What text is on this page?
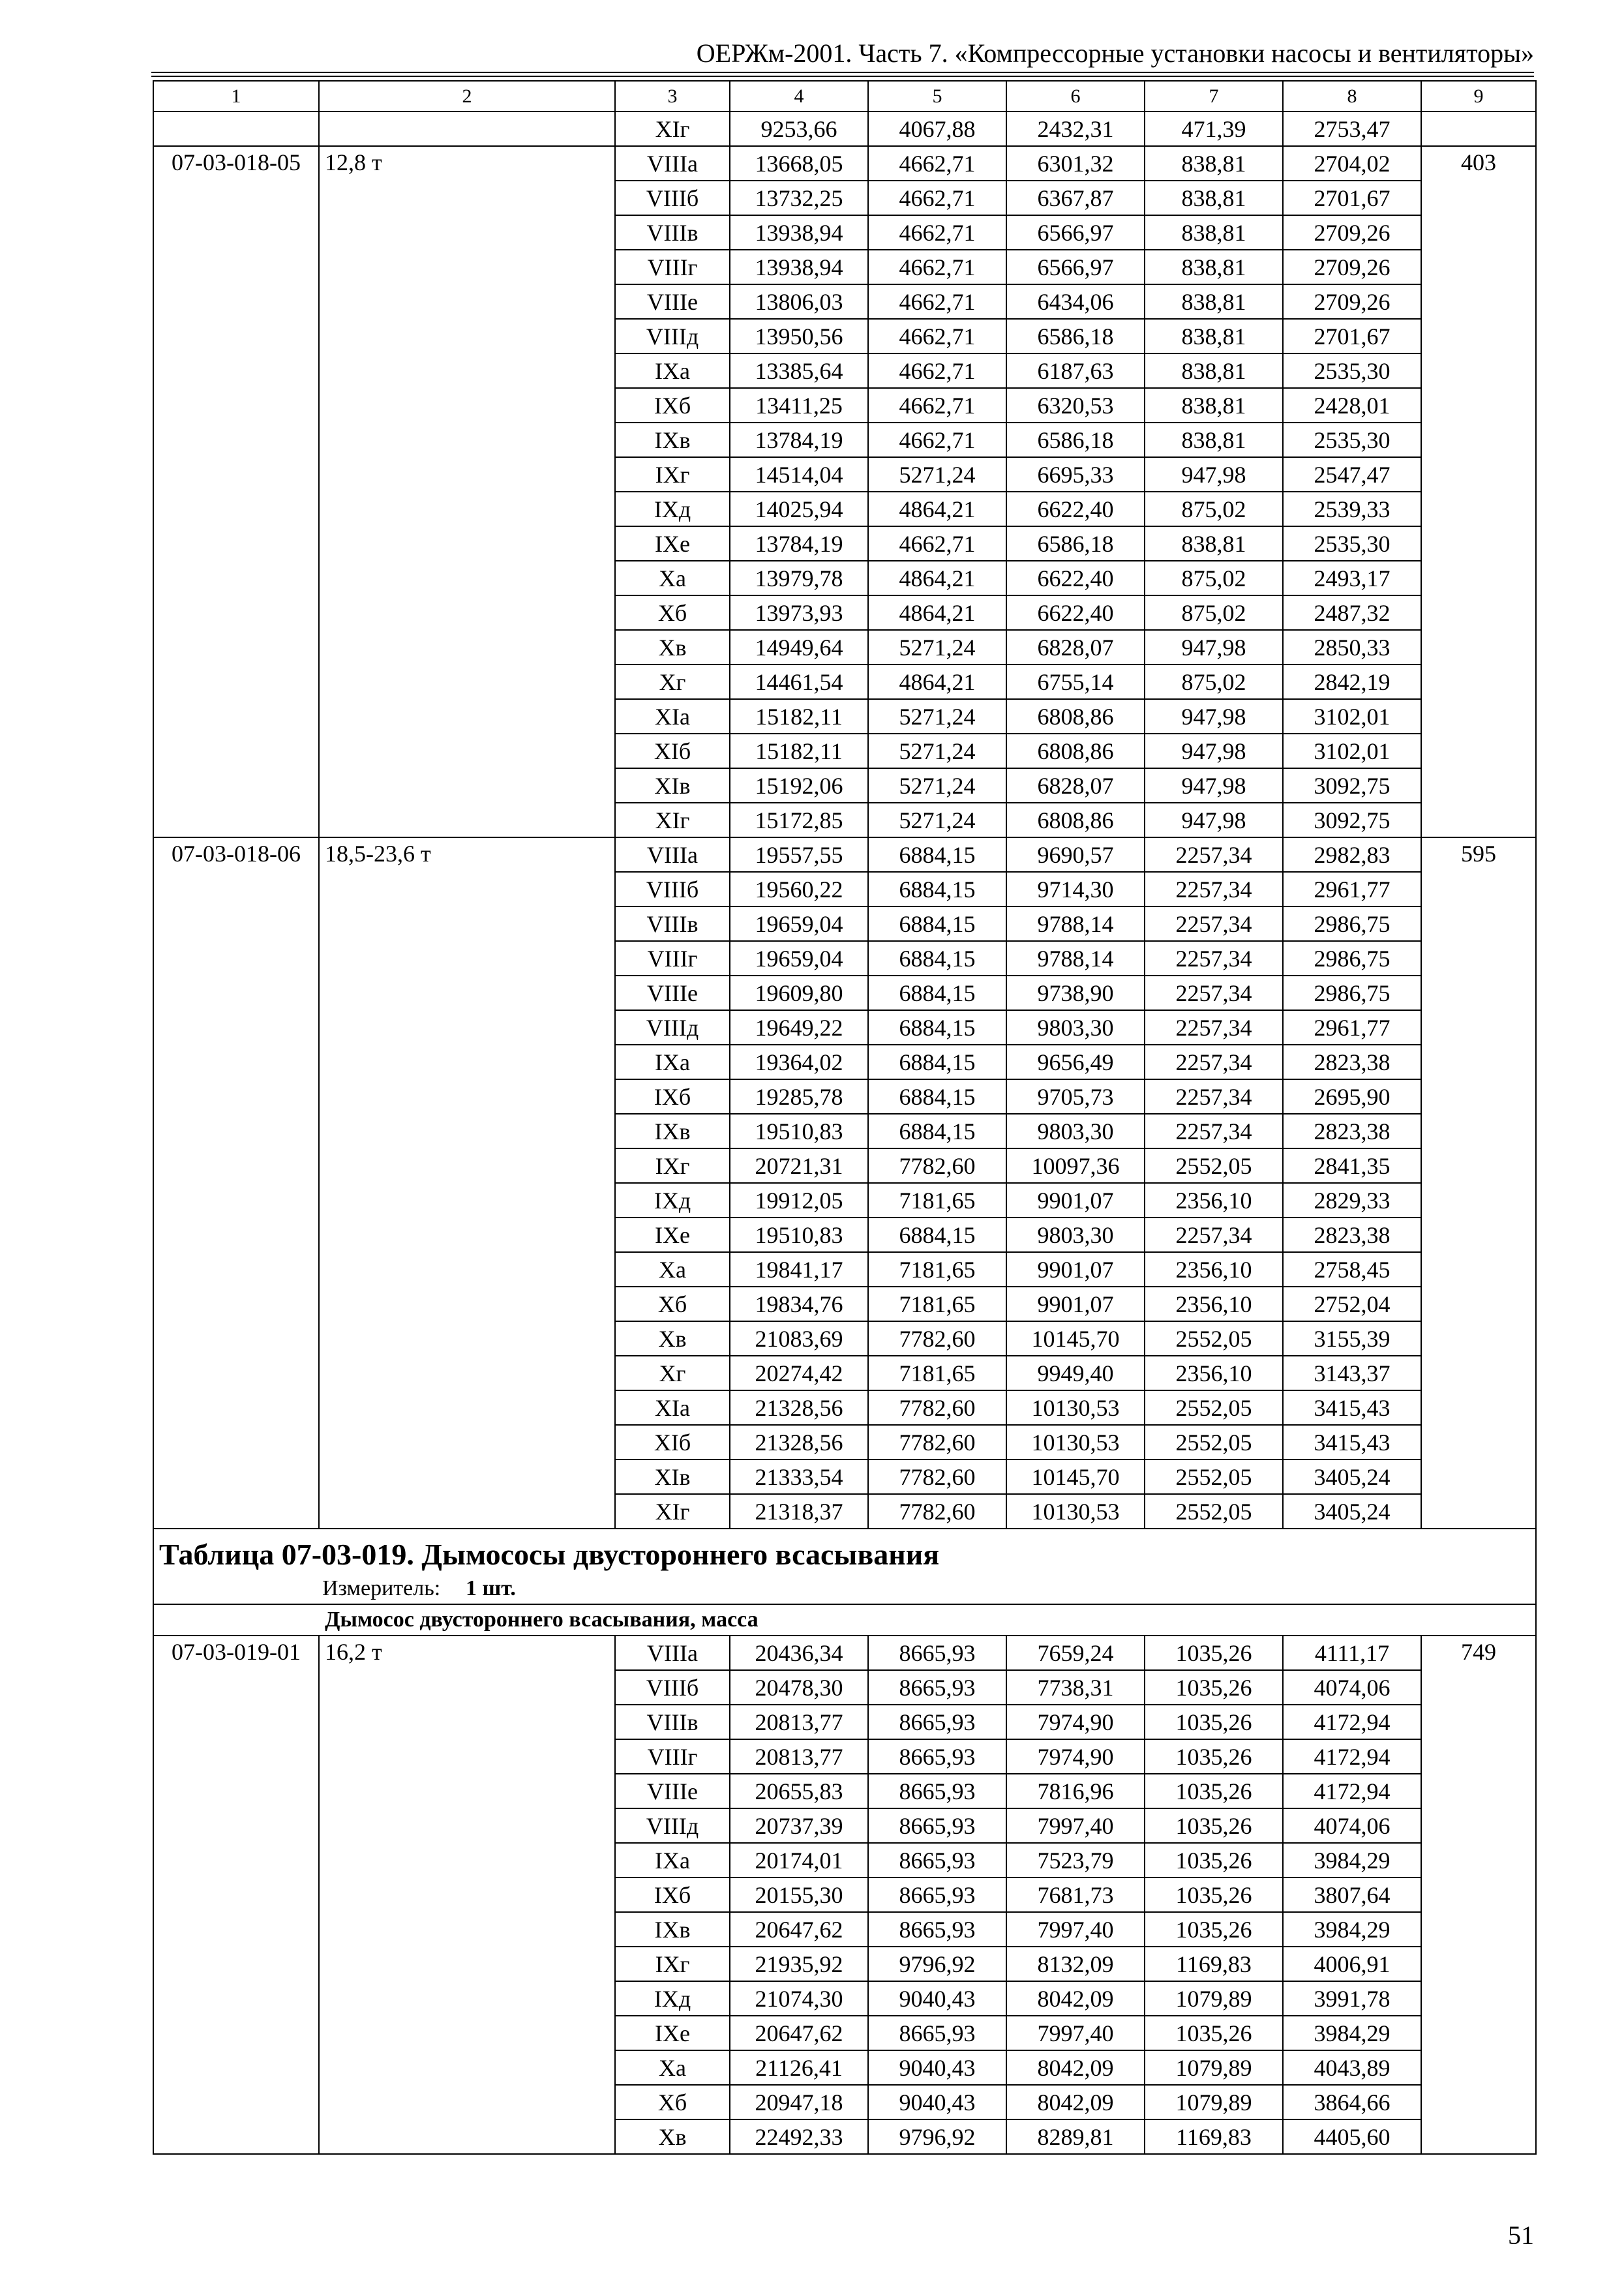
ОЕРЖм-2001. Часть 7. «Компрессорные установки насосы и вентиляторы»
1	2	3	4	5	6	7	8	9
		XIг	9253,66	4067,88	2432,31	471,39	2753,47	
07-03-018-05	12,8 т	VIIIа	13668,05	4662,71	6301,32	838,81	2704,02	403
		VIIIб	13732,25	4662,71	6367,87	838,81	2701,67	
		VIIIв	13938,94	4662,71	6566,97	838,81	2709,26	
		VIIIг	13938,94	4662,71	6566,97	838,81	2709,26	
		VIIIе	13806,03	4662,71	6434,06	838,81	2709,26	
		VIIIд	13950,56	4662,71	6586,18	838,81	2701,67	
		IXа	13385,64	4662,71	6187,63	838,81	2535,30	
		IXб	13411,25	4662,71	6320,53	838,81	2428,01	
		IXв	13784,19	4662,71	6586,18	838,81	2535,30	
		IXг	14514,04	5271,24	6695,33	947,98	2547,47	
		IXд	14025,94	4864,21	6622,40	875,02	2539,33	
		IXе	13784,19	4662,71	6586,18	838,81	2535,30	
		Xа	13979,78	4864,21	6622,40	875,02	2493,17	
		Xб	13973,93	4864,21	6622,40	875,02	2487,32	
		Xв	14949,64	5271,24	6828,07	947,98	2850,33	
		Xг	14461,54	4864,21	6755,14	875,02	2842,19	
		XIа	15182,11	5271,24	6808,86	947,98	3102,01	
		XIб	15182,11	5271,24	6808,86	947,98	3102,01	
		XIв	15192,06	5271,24	6828,07	947,98	3092,75	
		XIг	15172,85	5271,24	6808,86	947,98	3092,75	
07-03-018-06	18,5-23,6 т	VIIIа	19557,55	6884,15	9690,57	2257,34	2982,83	595
		VIIIб	19560,22	6884,15	9714,30	2257,34	2961,77	
		VIIIв	19659,04	6884,15	9788,14	2257,34	2986,75	
		VIIIг	19659,04	6884,15	9788,14	2257,34	2986,75	
		VIIIе	19609,80	6884,15	9738,90	2257,34	2986,75	
		VIIIд	19649,22	6884,15	9803,30	2257,34	2961,77	
		IXа	19364,02	6884,15	9656,49	2257,34	2823,38	
		IXб	19285,78	6884,15	9705,73	2257,34	2695,90	
		IXв	19510,83	6884,15	9803,30	2257,34	2823,38	
		IXг	20721,31	7782,60	10097,36	2552,05	2841,35	
		IXд	19912,05	7181,65	9901,07	2356,10	2829,33	
		IXе	19510,83	6884,15	9803,30	2257,34	2823,38	
		Xа	19841,17	7181,65	9901,07	2356,10	2758,45	
		Xб	19834,76	7181,65	9901,07	2356,10	2752,04	
		Xв	21083,69	7782,60	10145,70	2552,05	3155,39	
		Xг	20274,42	7181,65	9949,40	2356,10	3143,37	
		XIа	21328,56	7782,60	10130,53	2552,05	3415,43	
		XIб	21328,56	7782,60	10130,53	2552,05	3415,43	
		XIв	21333,54	7782,60	10145,70	2552,05	3405,24	
		XIг	21318,37	7782,60	10130,53	2552,05	3405,24	

Таблица 07-03-019. Дымососы двустороннего всасывания
Измеритель: 1 шт.								

Дымосос двустороннего всасывания, масса								
07-03-019-01	16,2 т	VIIIа	20436,34	8665,93	7659,24	1035,26	4111,17	749
		VIIIб	20478,30	8665,93	7738,31	1035,26	4074,06	
		VIIIв	20813,77	8665,93	7974,90	1035,26	4172,94	
		VIIIг	20813,77	8665,93	7974,90	1035,26	4172,94	
		VIIIе	20655,83	8665,93	7816,96	1035,26	4172,94	
		VIIIд	20737,39	8665,93	7997,40	1035,26	4074,06	
		IXа	20174,01	8665,93	7523,79	1035,26	3984,29	
		IXб	20155,30	8665,93	7681,73	1035,26	3807,64	
		IXв	20647,62	8665,93	7997,40	1035,26	3984,29	
		IXг	21935,92	9796,92	8132,09	1169,83	4006,91	
		IXд	21074,30	9040,43	8042,09	1079,89	3991,78	
		IXе	20647,62	8665,93	7997,40	1035,26	3984,29	
		Xа	21126,41	9040,43	8042,09	1079,89	4043,89	
		Xб	20947,18	9040,43	8042,09	1079,89	3864,66	
		Xв	22492,33	9796,92	8289,81	1169,83	4405,60	
51
